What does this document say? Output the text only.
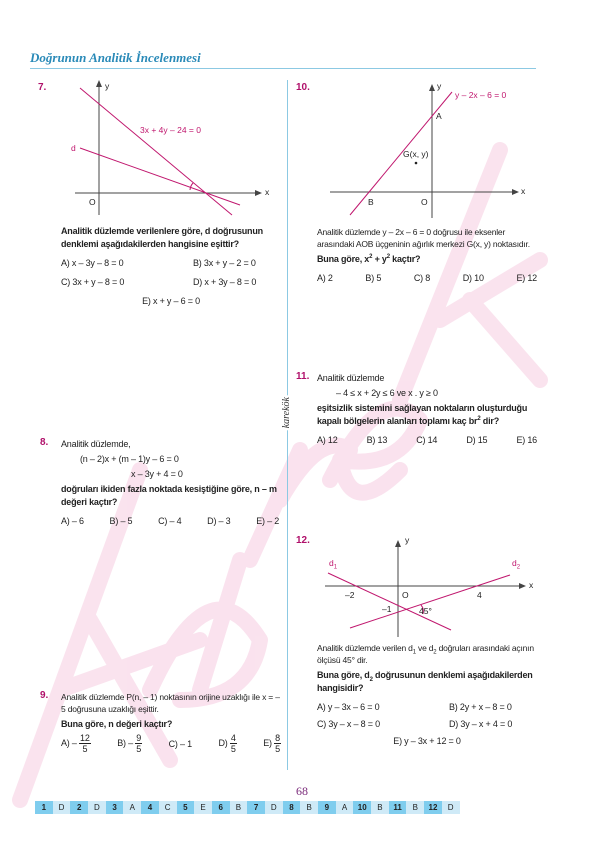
Doğrunun Analitik İncelenmesi
karekök
7.	y
x
O
3x + 4y – 24 = 0
d
Analitik düzlemde verilenlere göre, d doğrusunun denklemi aşağıdakilerden hangisine eşittir?
A) x – 3y – 8 = 0	B) 3x + y – 2 = 0
C) 3x + y – 8 = 0	D) x + 3y – 8 = 0
E) x + y – 6 = 0
8. Analitik düzlemde,
(n – 2)x + (m – 1)y – 6 = 0
x – 3y + 4 = 0
doğruları ikiden fazla noktada kesiştiğine göre, n – m değeri kaçtır?
A) – 6	B) – 5	C) – 4	D) – 3	E) – 2
9. Analitik düzlemde P(n, – 1) noktasının orijine uzaklığı ile x = – 5 doğrusuna uzaklığı eşittir.
Buna göre, n değeri kaçtır?
$A) - \frac{12}{5}$	$B) - \frac{9}{5}$	C) – 1	$D) \frac{4}{5}$	$E) \frac{8}{5}$
10.	y
x
y – 2x – 6 = 0
A
B	O
G(x, y)
Analitik düzlemde y – 2x – 6 = 0 doğrusu ile eksenler arasındaki AOB üçgeninin ağırlık merkezi G(x, y) noktasıdır.
Buna göre, $x^2 + y^2$ kaçtır?
A) 2	B) 5	C) 8	D) 10	E) 12
11. Analitik düzlemde
– 4 ≤ x + 2y ≤ 6 ve x . y ≥ 0
eşitsizlik sistemini sağlayan noktaların oluşturduğu kapalı bölgelerin alanları toplamı kaç $br^2$ dir?
A) 12	B) 13	C) 14	D) 15	E) 16
12.	y
x
$d_1$	$d_2$
–2	O	4
–1	45°
Analitik düzlemde verilen $d_1$ ve $d_2$ doğruları arasındaki açının ölçüsü 45° dir.
Buna göre, $d_2$ doğrusunun denklemi aşağıdakilerden hangisidir?
A) y – 3x – 6 = 0	B) 2y + x – 8 = 0
C) 3y – x – 8 = 0	D) 3y – x + 4 = 0
E) y – 3x + 12 = 0
68
1	D	2	D	3	A	4	C	5	E	6	B	7	D	8	B	9	A	10	B	11	B	12	D
